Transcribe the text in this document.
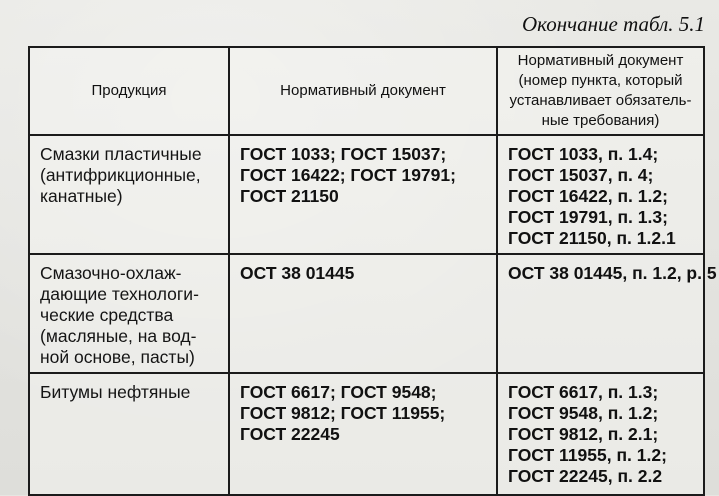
Окончание табл. 5.1
Продукция	Нормативный документ	Нормативный документ
(номер пункта, который
устанавливает обязатель-
ные требования)

Смазки пластичные
(антифрикционные,
канатные)	ГОСТ 1033; ГОСТ 15037;
ГОСТ 16422; ГОСТ 19791;
ГОСТ 21150	ГОСТ 1033, п. 1.4;
ГОСТ 15037, п. 4;
ГОСТ 16422, п. 1.2;
ГОСТ 19791, п. 1.3;
ГОСТ 21150, п. 1.2.1

Смазочно-охлаж-
дающие технологи-
ческие средства
(масляные, на вод-
ной основе, пасты)	ОСТ 38 01445	ОСТ 38 01445, п. 1.2, р. 5

Битумы нефтяные	ГОСТ 6617; ГОСТ 9548;
ГОСТ 9812; ГОСТ 11955;
ГОСТ 22245	ГОСТ 6617, п. 1.3;
ГОСТ 9548, п. 1.2;
ГОСТ 9812, п. 2.1;
ГОСТ 11955, п. 1.2;
ГОСТ 22245, п. 2.2
